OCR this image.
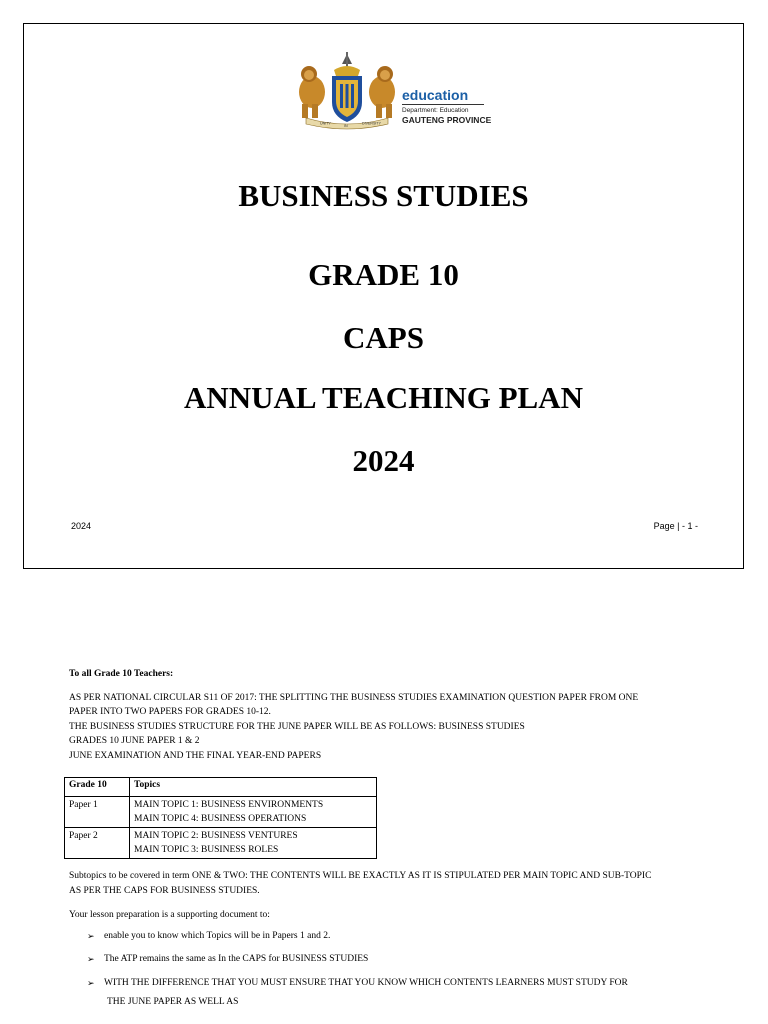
UNITY
IN
DIVERSITY
education
Department: Education
GAUTENG PROVINCE
BUSINESS STUDIES
GRADE 10
CAPS
ANNUAL TEACHING PLAN
2024
2024	Page | - 1 -
To all Grade 10 Teachers:
AS PER NATIONAL CIRCULAR S11 OF 2017: THE SPLITTING THE BUSINESS STUDIES EXAMINATION QUESTION PAPER FROM ONE
PAPER INTO TWO PAPERS FOR GRADES 10-12.
THE BUSINESS STUDIES STRUCTURE FOR THE JUNE PAPER WILL BE AS FOLLOWS: BUSINESS STUDIES
GRADES 10 JUNE PAPER 1 & 2
JUNE EXAMINATION AND THE FINAL YEAR-END PAPERS
Grade 10	Topics
Paper 1	MAIN TOPIC 1: BUSINESS ENVIRONMENTS
MAIN TOPIC 4: BUSINESS OPERATIONS

Paper 2	MAIN TOPIC 2: BUSINESS VENTURES
MAIN TOPIC 3: BUSINESS ROLES
Subtopics to be covered in term ONE & TWO: THE CONTENTS WILL BE EXACTLY AS IT IS STIPULATED PER MAIN TOPIC AND SUB-TOPIC
AS PER THE CAPS FOR BUSINESS STUDIES.
Your lesson preparation is a supporting document to:
➢ enable you to know which Topics will be in Papers 1 and 2.
➢ The ATP remains the same as In the CAPS for BUSINESS STUDIES
➢ WITH THE DIFFERENCE THAT YOU MUST ENSURE THAT YOU KNOW WHICH CONTENTS LEARNERS MUST STUDY FOR
THE JUNE PAPER AS WELL AS
